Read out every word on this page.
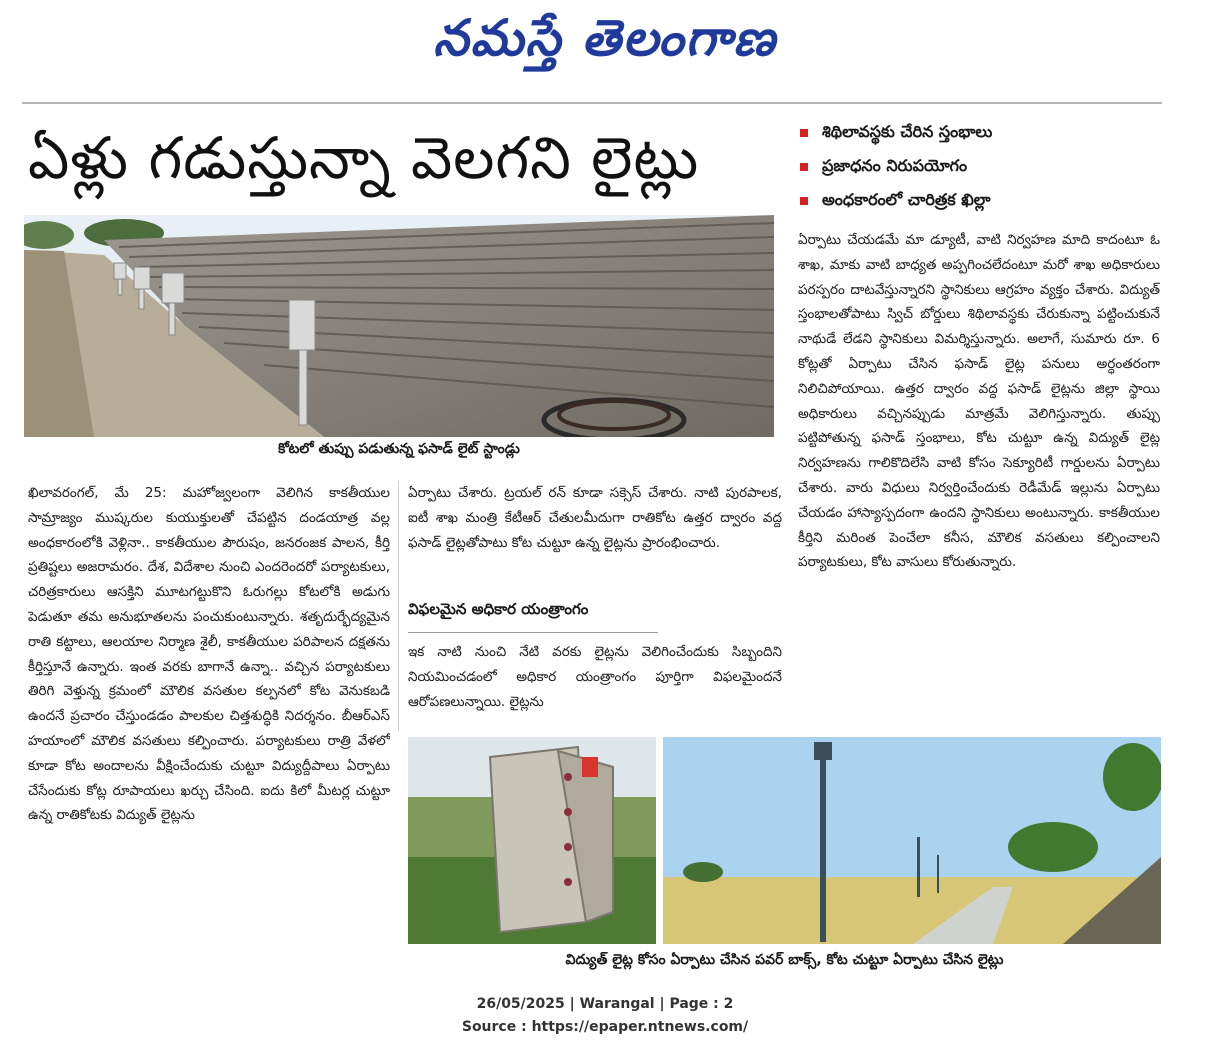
నమస్తే తెలంగాణ
ఏళ్లు గడుస్తున్నా వెలగని లైట్లు	శిథిలావస్థకు చేరిన స్తంభాలు
ప్రజాధనం నిరుపయోగం
అంధకారంలో చారిత్రక ఖిల్లా
కోటలో తుప్పు పడుతున్న ఫసాడ్ లైట్ స్టాండ్లు

ఖిలావరంగల్, మే 25: మహోజ్వలంగా వెలిగిన కాకతీయుల సామ్రాజ్యం ముష్కరుల కుయుక్తులతో చేపట్టిన దండయాత్ర వల్ల అంధకారంలోకి వెళ్లినా.. కాకతీయుల పౌరుషం, జనరంజక పాలన, కీర్తి ప్రతిష్టలు అజరామరం. దేశ, విదేశాల నుంచి ఎందరెందరో పర్యాటకులు, చరిత్రకారులు ఆసక్తిని మూటగట్టుకొని ఓరుగల్లు కోటలోకి అడుగు పెడుతూ తమ అనుభూతలను పంచుకుంటున్నారు. శతృదుర్భేద్యమైన రాతి కట్టాలు, ఆలయాల నిర్మాణ శైలీ, కాకతీయుల పరిపాలన దక్షతను కీర్తిస్తూనే ఉన్నారు. ఇంత వరకు బాగానే ఉన్నా.. వచ్చిన పర్యాటకులు తిరిగి వెళ్తున్న క్రమంలో మౌలిక వసతుల కల్పనలో కోట వెనుకబడి ఉందనే ప్రచారం చేస్తుండడం పాలకుల చిత్తశుద్ధికి నిదర్శనం. బీఆర్ఎస్ హయాంలో మౌలిక వసతులు కల్పించారు. పర్యాటకులు రాత్రి వేళలో కూడా కోట అందాలను వీక్షించేందుకు చుట్టూ విద్యుద్దీపాలు ఏర్పాటు చేసేందుకు కోట్ల రూపాయలు ఖర్చు చేసింది. ఐదు కిలో మీటర్ల చుట్టూ ఉన్న రాతికోటకు విద్యుత్ లైట్లను

ఏర్పాటు చేశారు. ట్రయల్ రన్ కూడా సక్సెస్ చేశారు. నాటి పురపాలక, ఐటీ శాఖ మంత్రి కేటీఆర్ చేతులమీదుగా రాతికోట ఉత్తర ద్వారం వద్ద ఫసాడ్ లైట్లతోపాటు కోట చుట్టూ ఉన్న లైట్లను ప్రారంభించారు.

విఫలమైన అధికార యంత్రాంగం

ఇక నాటి నుంచి నేటి వరకు లైట్లను వెలిగించేందుకు సిబ్బందిని నియమించడంలో అధికార యంత్రాంగం పూర్తిగా విఫలమైందనే ఆరోపణలున్నాయి. లైట్లను

ఏర్పాటు చేయడమే మా డ్యూటీ, వాటి నిర్వహణ మాది కాదంటూ ఓ శాఖ, మాకు వాటి బాధ్యత అప్పగించలేదంటూ మరో శాఖ అధికారులు పరస్పరం దాటవేస్తున్నారని స్థానికులు ఆగ్రహం వ్యక్తం చేశారు. విద్యుత్ స్తంభాలతోపాటు స్విచ్ బోర్డులు శిథిలావస్థకు చేరుకున్నా పట్టించుకునే నాథుడే లేడని స్థానికులు విమర్శిస్తున్నారు. అలాగే, సుమారు రూ. 6 కోట్లతో ఏర్పాటు చేసిన ఫసాడ్ లైట్ల పనులు అర్ధంతరంగా నిలిచిపోయాయి. ఉత్తర ద్వారం వద్ద ఫసాడ్ లైట్లను జిల్లా స్థాయి అధికారులు వచ్చినప్పుడు మాత్రమే వెలిగిస్తున్నారు. తుప్పు పట్టిపోతున్న ఫసాడ్ స్తంభాలు, కోట చుట్టూ ఉన్న విద్యుత్ లైట్ల నిర్వహణను గాలికొదిలేసి వాటి కోసం సెక్యూరిటీ గార్డులను ఏర్పాటు చేశారు. వారు విధులు నిర్వర్తించేందుకు రెడీమేడ్ ఇల్లును ఏర్పాటు చేయడం హాస్యాస్పదంగా ఉందని స్థానికులు అంటున్నారు. కాకతీయుల కీర్తిని మరింత పెంచేలా కనీస, మౌలిక వసతులు కల్పించాలని పర్యాటకులు, కోట వాసులు కోరుతున్నారు.

విద్యుత్ లైట్ల కోసం ఏర్పాటు చేసిన పవర్ బాక్స్, కోట చుట్టూ ఏర్పాటు చేసిన లైట్లు
26/05/2025 | Warangal | Page : 2
Source : https://epaper.ntnews.com/
